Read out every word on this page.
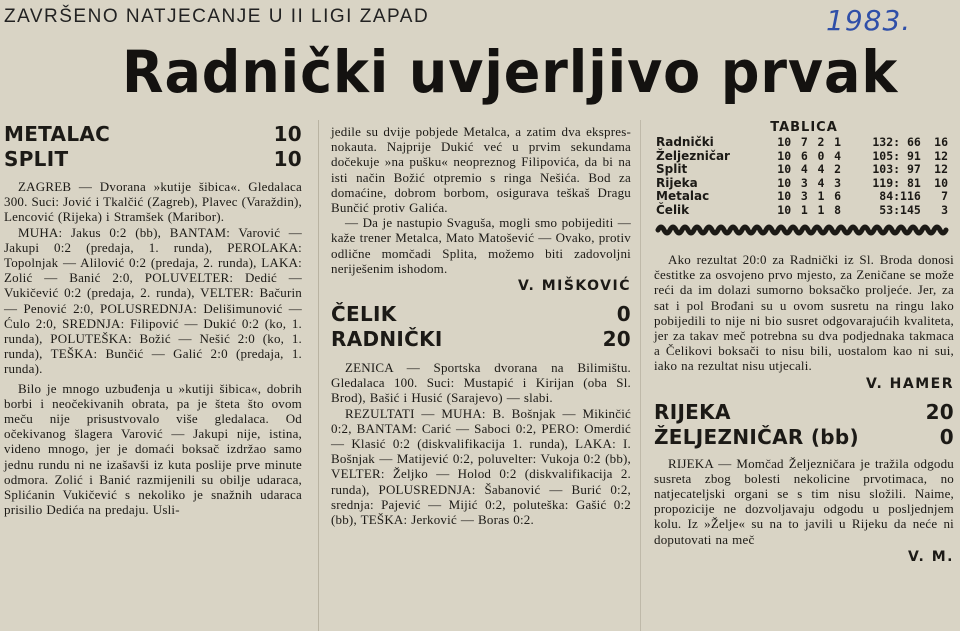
ZAVRŠENO NATJECANJE U II LIGI ZAPAD	1983.
Radnički uvjerljivo prvak
METALAC	10
SPLIT	10

ZAGREB — Dvorana »kutije šibica«. Gledalaca 300. Suci: Jović i Tkalčić (Zagreb), Plavec (Varaždin), Lencović (Rijeka) i Stramšek (Maribor).

MUHA: Jakus 0:2 (bb), BANTAM: Varović — Jakupi 0:2 (predaja, 1. runda), PEROLAKA: Topolnjak — Alilović 0:2 (predaja, 2. runda), LAKA: Zolić — Banić 2:0, POLUVELTER: Dedić — Vukičević 0:2 (predaja, 2. runda), VELTER: Bačurin — Penović 2:0, POLUSREDNJA: Delišimunović — Ćulo 2:0, SREDNJA: Filipović — Dukić 0:2 (ko, 1. runda), POLUTEŠKA: Božić — Nešić 2:0 (ko, 1. runda), TEŠKA: Bunčić — Galić 2:0 (predaja, 1. runda).

Bilo je mnogo uzbuđenja u »kutiji šibica«, dobrih borbi i neočekivanih obrata, pa je šteta što ovom meču nije prisustvovalo više gledalaca. Od očekivanog šlagera Varović — Jakupi nije, istina, videno mnogo, jer je domaći boksač izdržao samo jednu rundu ni ne izašavši iz kuta poslije prve minute odmora. Zolić i Banić razmijenili su obilje udaraca, Splićanin Vukičević s nekoliko je snažnih udaraca prisilio Dedića na predaju. Usli-

jedile su dvije pobjede Metalca, a zatim dva ekspres-nokauta. Najprije Dukić već u prvim sekundama dočekuje »na pušku« neopreznog Filipovića, da bi na isti način Božić otpremio s ringa Nešića. Bod za domaćine, dobrom borbom, osigurava teškaš Dragu Bunčić protiv Galića.

— Da je nastupio Svaguša, mogli smo pobijediti — kaže trener Metalca, Mato Matošević — Ovako, protiv odlične momčadi Splita, možemo biti zadovoljni neriješenim ishodom.

V. MIŠKOVIĆ
ČELIK	0
RADNIČKI	20

ZENICA — Sportska dvorana na Bilimištu. Gledalaca 100. Suci: Mustapić i Kirijan (oba Sl. Brod), Bašić i Husić (Sarajevo) — slabi.

REZULTATI — MUHA: B. Bošnjak — Mikinčić 0:2, BANTAM: Carić — Saboci 0:2, PERO: Omerdić — Klasić 0:2 (diskvalifikacija 1. runda), LAKA: I. Bošnjak — Matijević 0:2, poluvelter: Vukoja 0:2 (bb), VELTER: Željko — Holod 0:2 (diskvalifikacija 2. runda), POLUSREDNJA: Šabanović — Burić 0:2, srednja: Pajević — Mijić 0:2, poluteška: Gašić 0:2 (bb), TEŠKA: Jerković — Boras 0:2.

TABLICA
Radnički	10	7	2	1	132: 66	16
Željezničar	10	6	0	4	105: 91	12
Split	10	4	4	2	103: 97	12
Rijeka	10	3	4	3	119: 81	10
Metalac	10	3	1	6	84:116	7
Čelik	10	1	1	8	53:145	3

Ako rezultat 20:0 za Radnički iz Sl. Broda donosi čestitke za osvojeno prvo mjesto, za Zeničane se može reći da im dolazi sumorno boksačko proljeće. Jer, za sat i pol Brođani su u ovom susretu na ringu lako pobijedili to nije ni bio susret odgovarajućih kvaliteta, jer za takav meč potrebna su dva podjednaka takmaca a Čelikovi boksači to nisu bili, uostalom kao ni sui, iako na rezultat nisu utjecali.

V. HAMER
RIJEKA	20
ŽELJEZNIČAR (bb)	0

RIJEKA — Momčad Željezničara je tražila odgodu susreta zbog bolesti nekolicine prvotimaca, no natjecateljski organi se s tim nisu složili. Naime, propozicije ne dozvoljavaju odgodu u posljednjem kolu. Iz »Želje« su na to javili u Rijeku da neće ni doputovati na meč

V. M.
